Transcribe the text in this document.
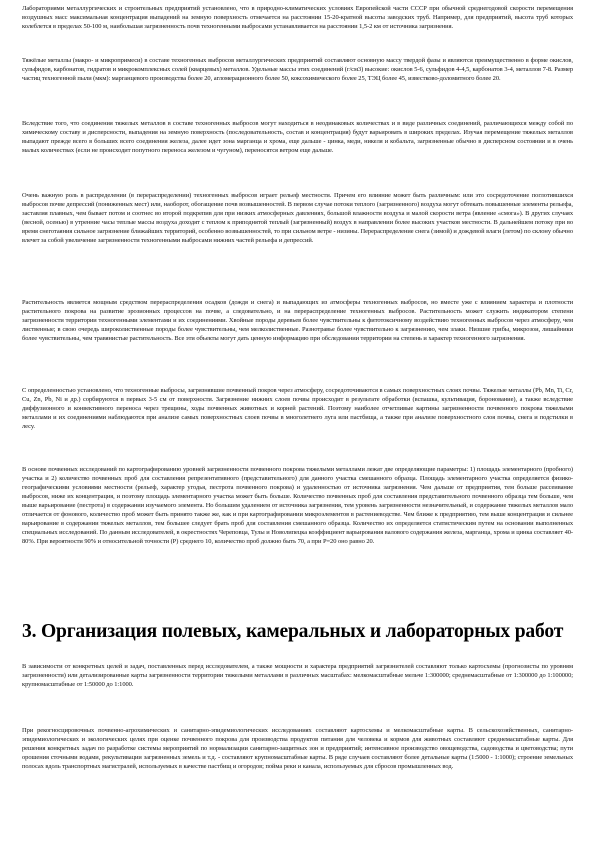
Лабораториями металлургических и строительных предприятий установлено, что в природно-климатических условиях Европейской части СССР при обычной среднегодовой скорости перемещения воздушных масс максимальная концентрация выпадений на земную поверхность отмечается на расстоянии 15-20-кратной высоты заводских труб. Например, для предприятий, высота труб которых колеблется в пределах 50-100 м, наибольшая загрязненность почв техногенными выбросами устанавливается на расстоянии 1,5-2 км от источника загрязнения.

Тяжёлые металлы (макро- и микропримеси) в составе техногенных выбросов металлургических предприятий составляют основную массу твердой фазы и являются преимущественно в форме окислов, сульфидов, карбонатов, гидратов и микрокомплексных солей (кварцевых) металлов. Удельные массы этих соединений (г/см3) высокие: окислов 5-6, сульфидов 4-4,5, карбонатов 3-4, металлов 7-8. Размер частиц техногенной пыли (мкм): марганцевого производства более 20, агломерационного более 50, коксохимического более 25, ТЭЦ более 45, известково-доломитного более 20.

Вследствие того, что соединения тяжелых металлов в составе техногенных выбросов могут находиться в неодинаковых количествах и в виде различных соединений, различающихся между собой по химическому составу и дисперсности, выпадения на земную поверхность (последовательность, состав и концентрация) будут варьировать в широких пределах. Изучая перемещение тяжелых металлов выпадают прежде всего в больших всего соединения железа, далее идет зона марганца и хрома, еще дальше - цинка, меди, никеля и кобальта, загрязненные обычно в дисперсном состоянии и в очень малых количествах (если не происходит попутного переноса железом и чугуном), переносятся ветром еще дальше.

Очень важную роль в распределении (в перераспределении) техногенных выбросов играет рельеф местности. Причем его влияние может быть различным: или это сосредоточение поглотившихся выбросов почве депрессий (пониженных мест) или, наоборот, обогащение почв возвышенностей. В первом случае потоки теплого (загрязненного) воздуха могут обтекать повышенные элементы рельефа, заставляя плавных, чем бывает потом и соотнес во второй подкрепив для при низких атмосферных давлениях, большой влажности воздуха и малой скорости ветра (явление «смога»). В других случаях (весной, осенью) в утренние часы теплые массы воздуха доходят с теплом к приподнятой теплый (загрязненный) воздух в направлении более высоких участков местности. В дальнейшем потоку при во время снеготаяния сильное загрязнение ближайших территорий, особенно возвышенностей, то при сильном ветре - низины. Перераспределение снега (зимой) и дождевой влаги (летом) по склону обычно влечет за собой увеличение загрязненности техногенными выбросами нижних частей рельефа и депрессий.

Растительность является мощным средством перераспределения осадков (дождя и снега) и выпадающих из атмосферы техногенных выбросов, но вместе уже с влиянием характера и плотности растительного покрова на развитие эрозионных процессов на почве, а следовательно, и на перераспределение техногенных выбросов. Растительность может служить индикатором степени загрязненности территории техногенными элементами и их соединениями. Хвойные породы деревьев более чувствительны к фитотоксичному воздействию техногенных выбросов через атмосферу, чем лиственные; в свою очередь широколиственные породы более чувствительны, чем мелколиственные. Разнотравье более чувствительно к загрязнению, чем злаки. Низшие грибы, микрозои, лишайники более чувствительны, чем травянистые растительность. Все эти объекты могут дать ценную информацию при обследовании территории на степень и характер техногенного загрязнения.

С определенностью установлено, что техногенные выбросы, загрязнявшие почвенный покров через атмосферу, сосредоточиваются в самых поверхностных слоях почвы. Тяжелые металлы (Pb, Mn, Ti, Cr, Cu, Zn, Pb, Ni и др.) сорбируются в первых 3-5 см от поверхности. Загрязнение нижних слоев почвы происходит в результате обработки (вспашка, культивация, боронование), а также вследствие диффузионного и конвективного переноса через трещины, ходы почвенных животных и корней растений. Поэтому наиболее отчетливые картины загрязненности почвенного покрова тяжелыми металлами и их соединениями наблюдаются при анализе самых поверхностных слоев почвы в многолетнего луга или пастбища, а также при анализе поверхностного слоя почвы, снега и подстилки в лесу.

В основе почвенных исследований по картографированию уровней загрязненности почвенного покрова тяжелыми металлами лежат две определяющие параметры: 1) площадь элементарного (пробного) участка и 2) количество почвенных проб для составления репрезентативного (представительного) для данного участка смешанного образца. Площадь элементарного участка определяется физико-географическими условиями местности (рельеф, характер угодья, пестрота почвенного покрова) и удаленностью от источника загрязнения. Чем дальше от предприятия, тем больше рассеивание выбросов, ниже их концентрация, и поэтому площадь элементарного участка может быть больше. Количество почвенных проб для составления представительного почвенного образца тем больше, чем выше варьирование (пестрота) в содержании изучаемого элемента. Но большим удалением от источника загрязнения, тем уровень загрязненности незначительный, и содержание тяжелых металлов мало отличается от фонового, количество проб может быть принято также же, как и при картографировании микроэлементов в растениеводстве. Чем ближе к предприятию, тем выше концентрация и сильнее варьирование в содержании тяжелых металлов, тем большее следует брать проб для составления смешанного образца. Количество их определяется статистическим путем на основании выполненных специальных исследований. По данным исследователей, в окрестностях Череповца, Тулы и Новолипецка коэффициент варьирования валового содержания железа, марганца, хрома и цинка составляет 40-80%. При вероятности 90% и относительной точности (P) среднего 10, количество проб должно быть 70, а при P=20 оно равно 20.

3. Организация полевых, камеральных и лабораторных работ

В зависимости от конкретных целей и задач, поставленных перед исследователем, а также мощности и характера предприятий загрязнителей составляют только картосхемы (прогнозисты по уровням загрязненности) или детализированные карты загрязненности территории тяжелыми металлами в различных масштабах: мелкомасштабные мельче 1:300000; среднемасштабные от 1:300000 до 1:100000; крупномасштабные от 1:50000 до 1:1000.

При рекогносцировочных почвенно-агрохимических и санитарно-эпидемиологических исследованиях составляют картосхемы и мелкомасштабные карты. В сельскохозяйственных, санитарно-эпидемиологических и экологических целях при оценке почвенного покрова для производства продуктов питания для человека и кормов для животных составляют среднемасштабные карты. Для решения конкретных задач по разработке системы мероприятий по нормализации санитарно-защитных зон и предприятий; интенсивное производство овощеводства, садоводства и цветоводства; пути орошения сточными водами, рекультивации загрязненных земель и т.д. - составляют крупномасштабные карты. В ряде случаев составляют более детальные карты (1:5000 - 1:1000); строение земельных полосах вдоль транспортных магистралей, используемых в качестве пастбищ и огородов; пойма реки и канала, используемых для сбросов промышленных вод.
